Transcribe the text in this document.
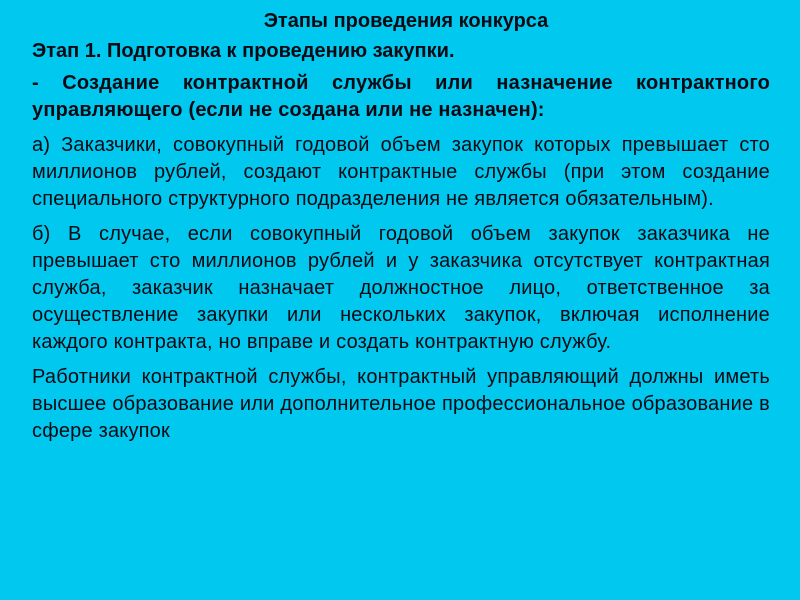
Этапы проведения конкурса
Этап 1. Подготовка к проведению закупки.
- Создание контрактной службы или назначение контрактного управляющего (если не создана или не назначен):
а) Заказчики, совокупный годовой объем закупок которых превышает сто миллионов рублей, создают контрактные службы (при этом создание специального структурного подразделения не является обязательным).
б) В случае, если совокупный годовой объем закупок заказчика не превышает сто миллионов рублей и у заказчика отсутствует контрактная служба, заказчик назначает должностное лицо, ответственное за осуществление закупки или нескольких закупок, включая исполнение каждого контракта, но вправе и создать контрактную службу.
Работники контрактной службы, контрактный управляющий должны иметь высшее образование или дополнительное профессиональное образование в сфере закупок
